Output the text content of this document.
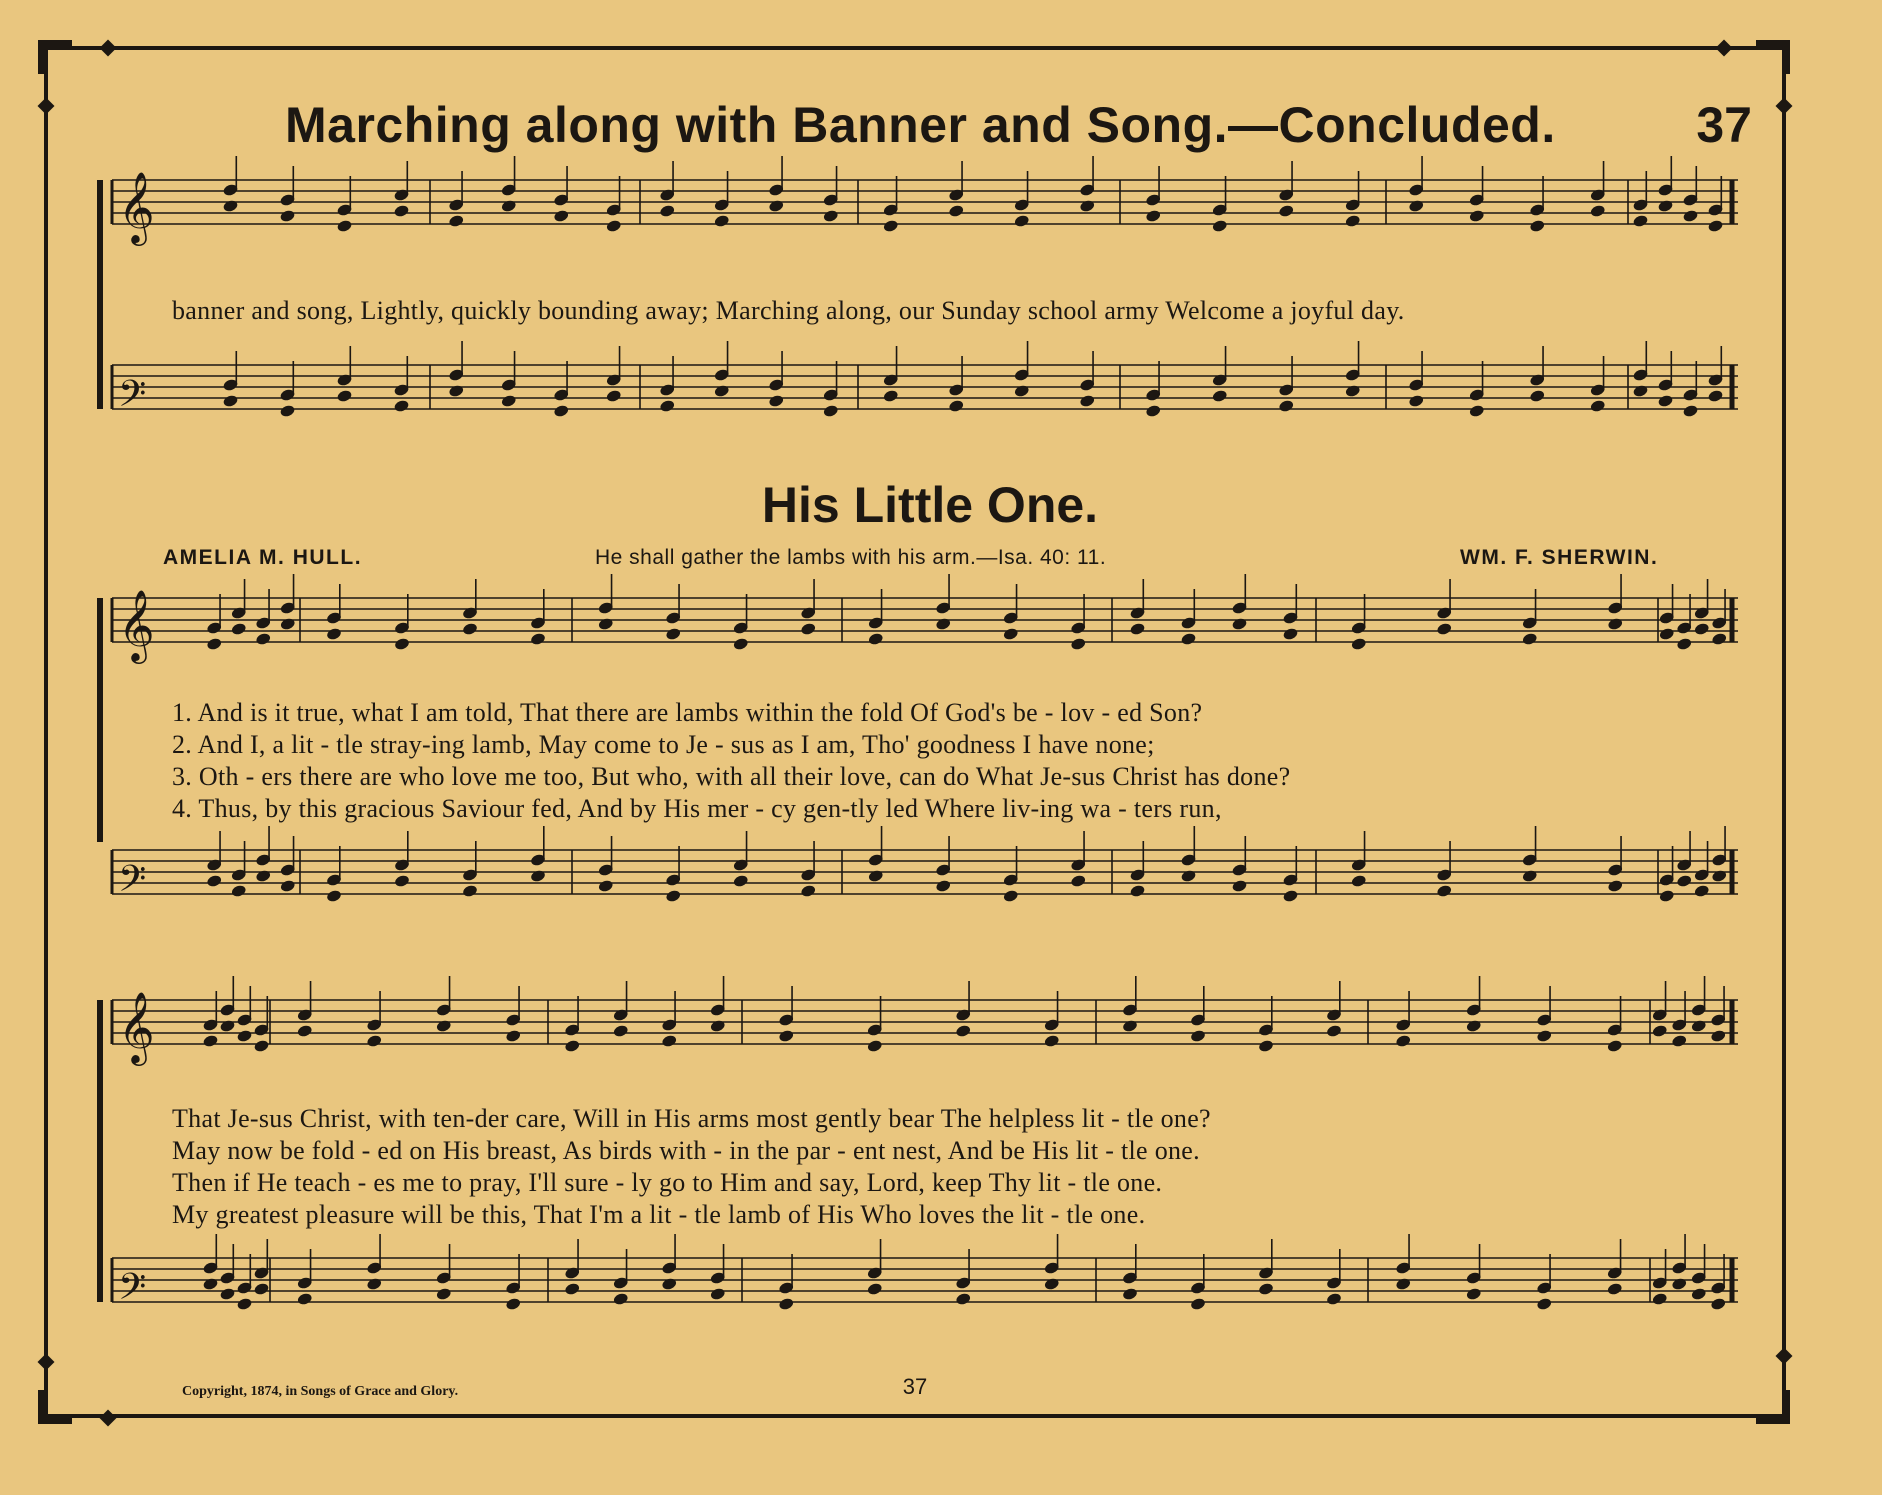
Marching along with Banner and Song.—Concluded.	37
𝄞
𝄢
𝄞
𝄢
𝄞
𝄢
banner and song, Lightly, quickly bounding away; Marching along, our Sunday school army Welcome a joyful day.
His Little One.
AMELIA M. HULL.	He shall gather the lambs with his arm.—Isa. 40: 11.	WM. F. SHERWIN.
1. And is it true, what I am told, That there are lambs within the fold Of God's be - lov - ed Son?
2. And I, a lit - tle stray-ing lamb, May come to Je - sus as I am, Tho' goodness I have none;
3. Oth - ers there are who love me too, But who, with all their love, can do What Je-sus Christ has done?
4. Thus, by this gracious Saviour fed, And by His mer - cy gen-tly led Where liv-ing wa - ters run,
That Je-sus Christ, with ten-der care, Will in His arms most gently bear The helpless lit - tle one?
May now be fold - ed on His breast, As birds with - in the par - ent nest, And be His lit - tle one.
Then if He teach - es me to pray, I'll sure - ly go to Him and say, Lord, keep Thy lit - tle one.
My greatest pleasure will be this, That I'm a lit - tle lamb of His Who loves the lit - tle one.
Copyright, 1874, in Songs of Grace and Glory.	37
